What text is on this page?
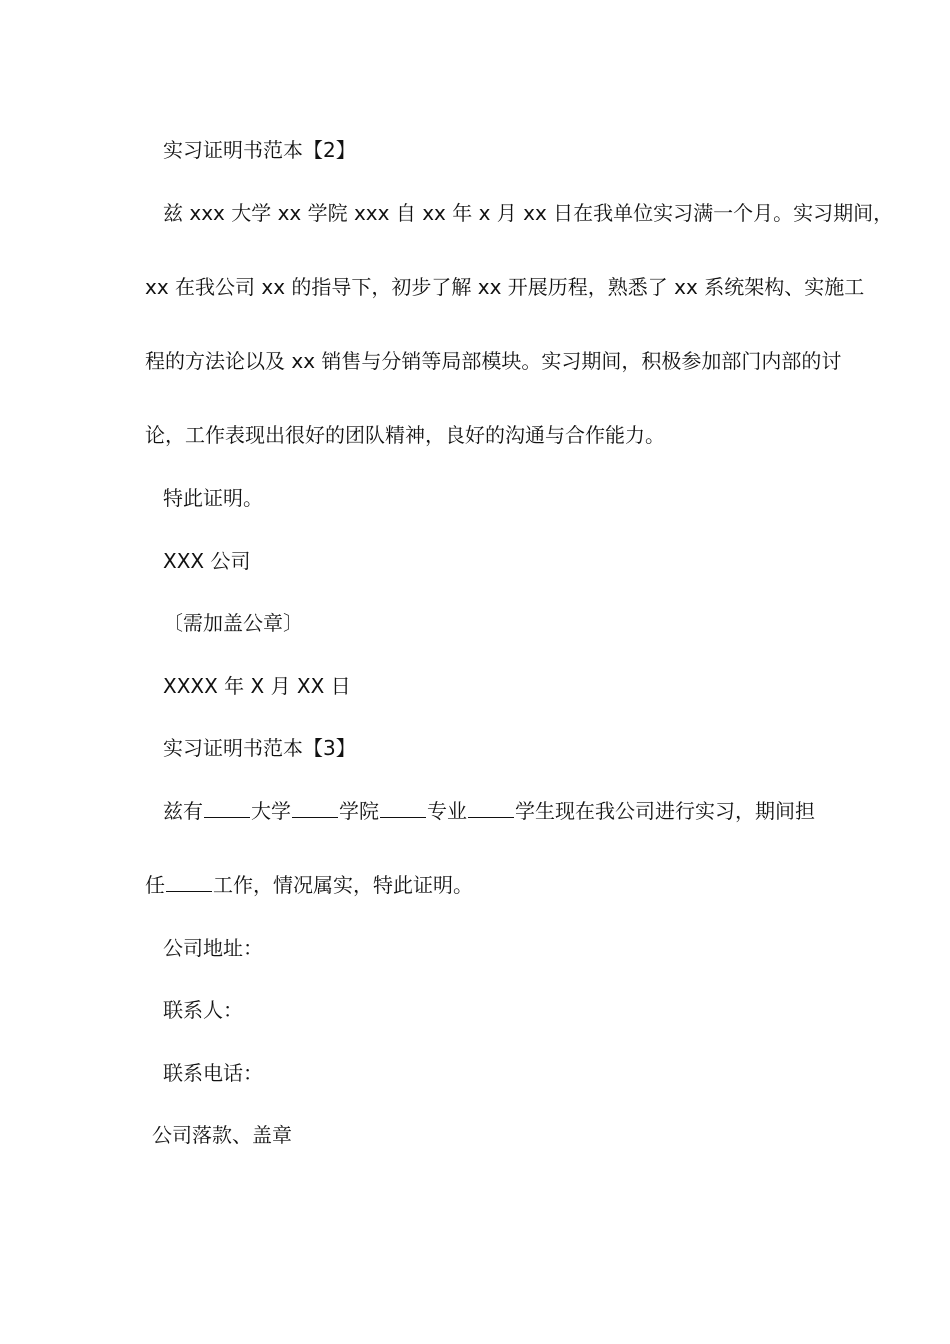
实习证明书范本【2】

兹 xxx 大学 xx 学院 xxx 自 xx 年 x 月 xx 日在我单位实习满一个月。实习期间，

xx 在我公司 xx 的指导下，初步了解 xx 开展历程，熟悉了 xx 系统架构、实施工

程的方法论以及 xx 销售与分销等局部模块。实习期间，积极参加部门内部的讨

论，工作表现出很好的团队精神，良好的沟通与合作能力。

特此证明。

XXX 公司

〔需加盖公章〕

XXXX 年 X 月 XX 日

实习证明书范本【3】

兹有 大学 学院 专业 学生现在我公司进行实习，期间担

任 工作，情况属实，特此证明。

公司地址：

联系人：

联系电话：

公司落款、盖章
